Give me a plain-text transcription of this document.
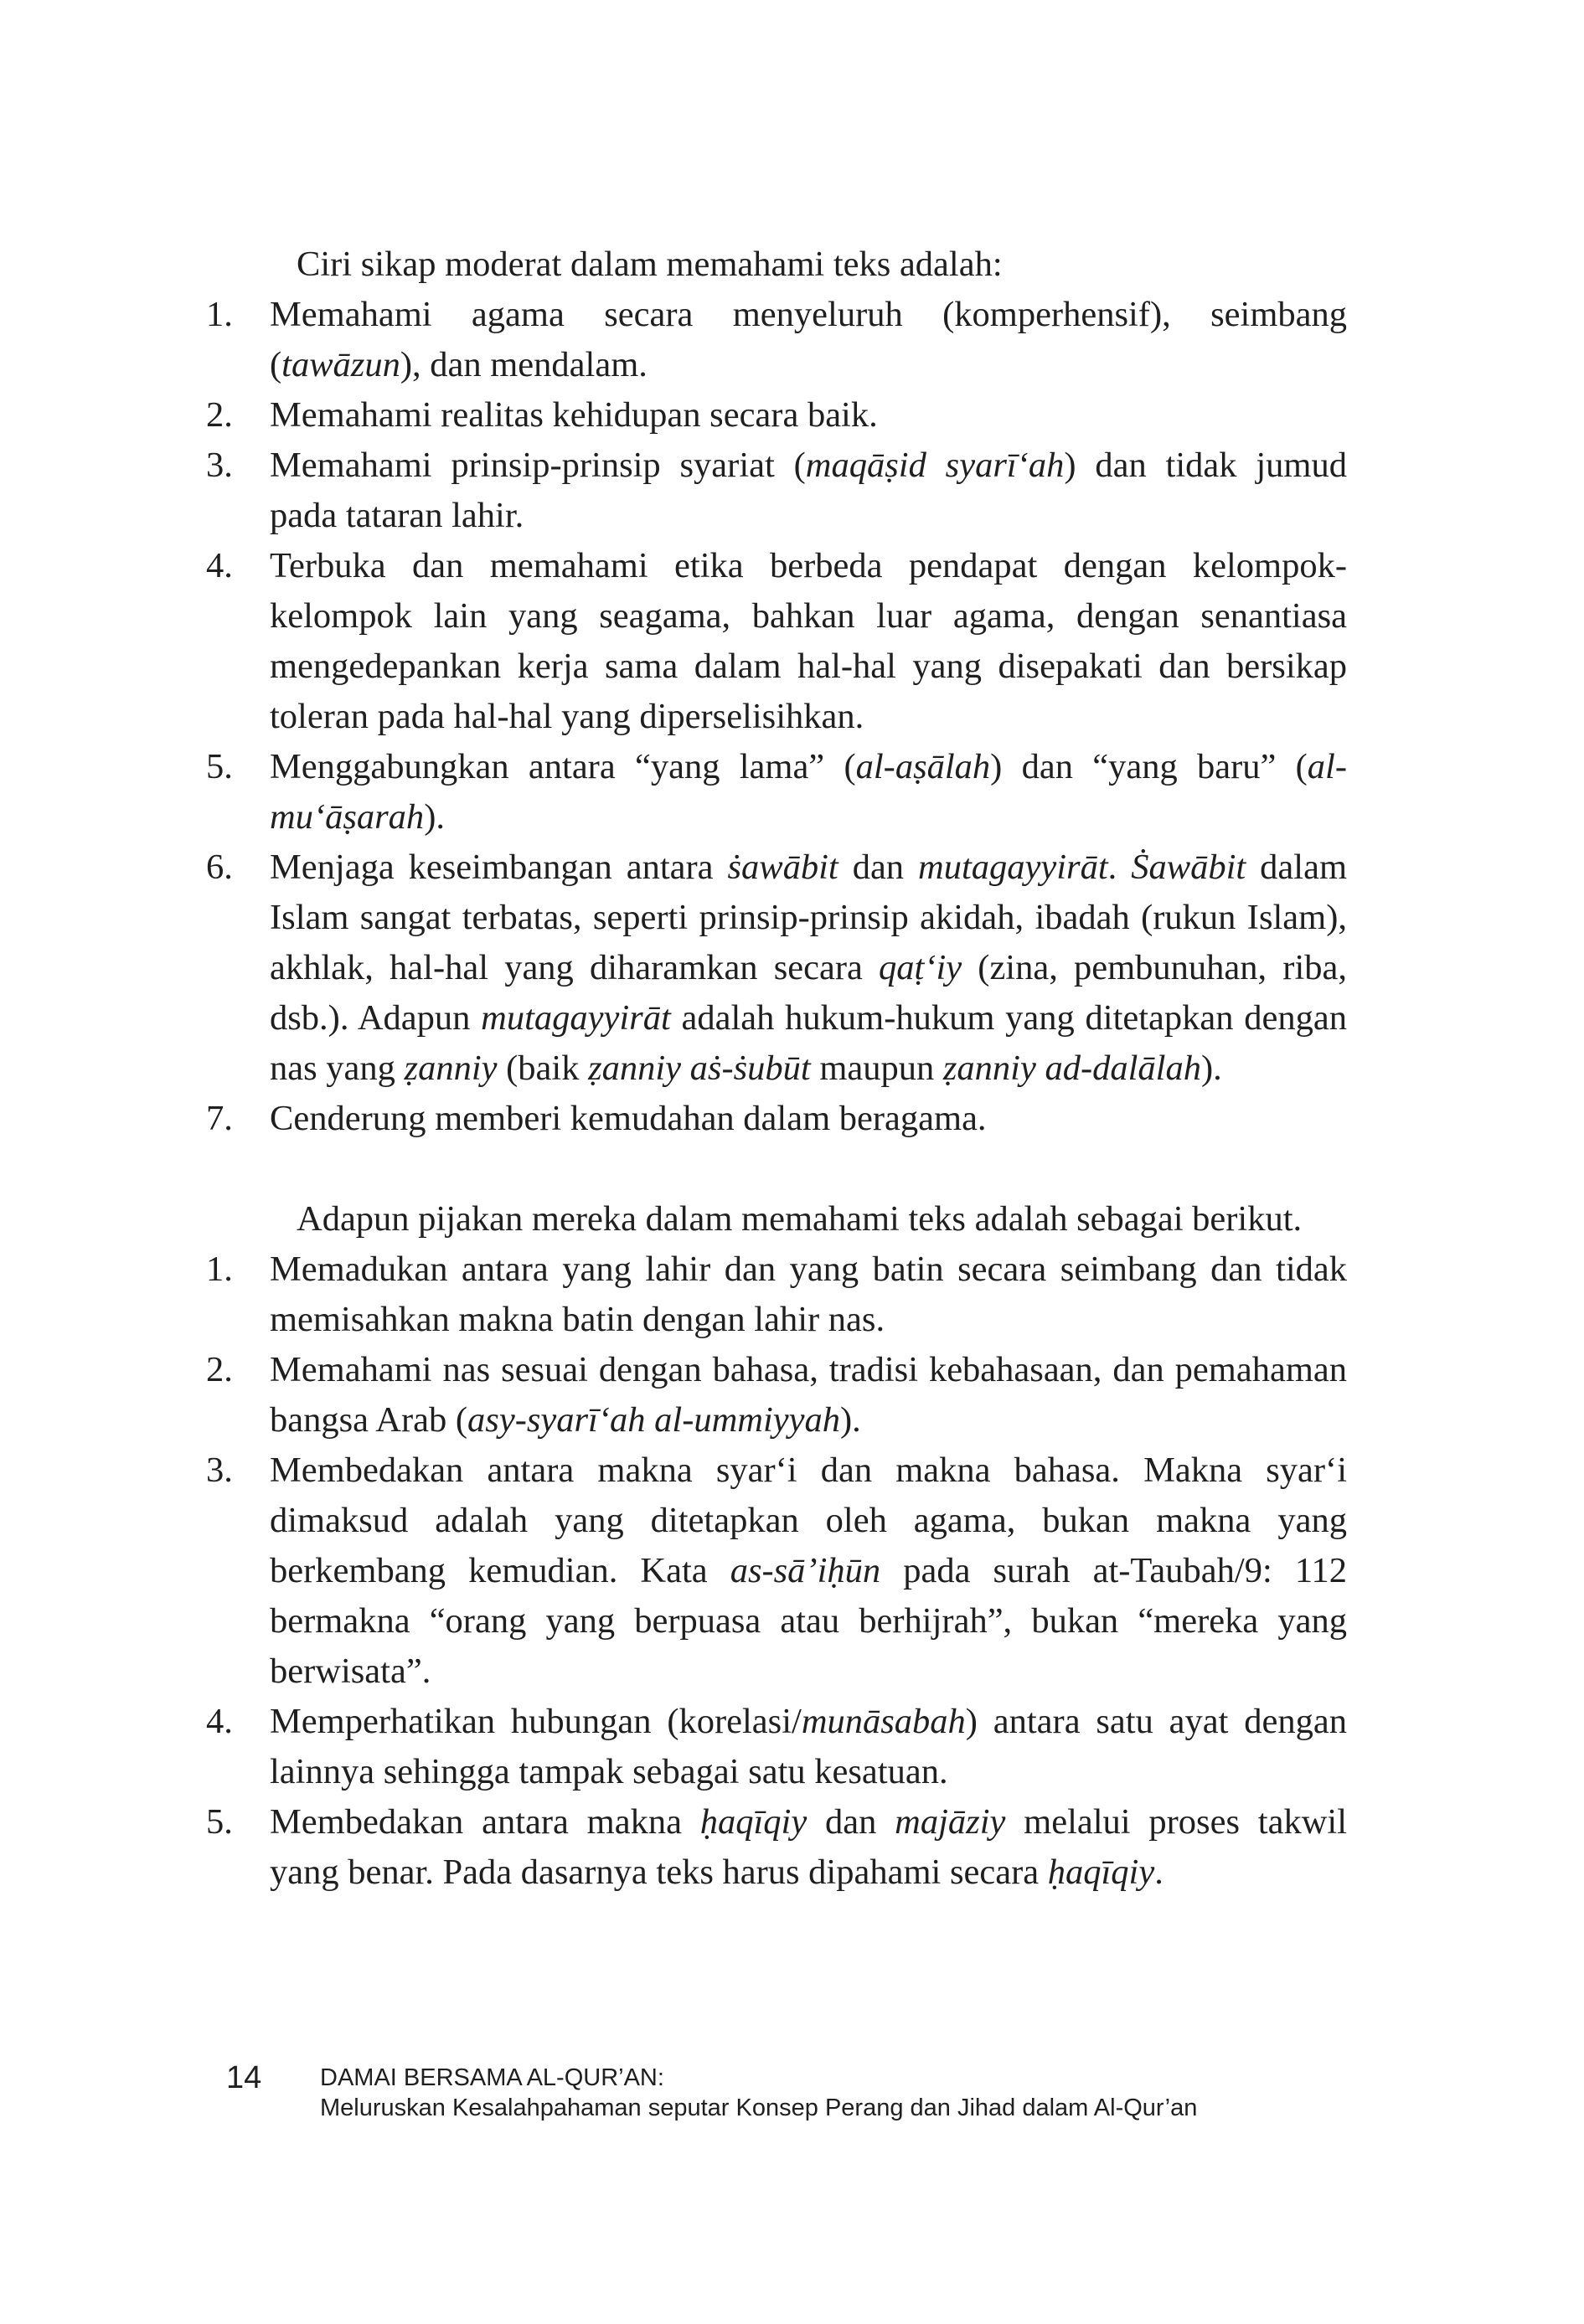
Ciri sikap moderat dalam memahami teks adalah:

1.	Memahami agama secara menyeluruh (komperhensif), seimbang (tawāzun), dan mendalam.
2.	Memahami realitas kehidupan secara baik.
3.	Memahami prinsip-prinsip syariat (maqāṣid syarī‘ah) dan tidak jumud pada tataran lahir.
4.	Terbuka dan memahami etika berbeda pendapat dengan kelompok-kelompok lain yang seagama, bahkan luar agama, dengan senantiasa mengedepankan kerja sama dalam hal-hal yang disepakati dan bersikap toleran pada hal-hal yang diperselisihkan.
5.	Menggabungkan antara “yang lama” (al-aṣālah) dan “yang baru” (al-mu‘āṣarah).
6.	Menjaga keseimbangan antara ṡawābit dan mutagayyirāt. Ṡawābit dalam Islam sangat terbatas, seperti prinsip-prinsip akidah, ibadah (rukun Islam), akhlak, hal-hal yang diharamkan secara qaṭ‘iy (zina, pembunuhan, riba, dsb.). Adapun mutagayyirāt adalah hukum-hukum yang ditetapkan dengan nas yang ẓanniy (baik ẓanniy aṡ-ṡubūt maupun ẓanniy ad-dalālah).
7.	Cenderung memberi kemudahan dalam beragama.

Adapun pijakan mereka dalam memahami teks adalah sebagai berikut.

1.	Memadukan antara yang lahir dan yang batin secara seimbang dan tidak memisahkan makna batin dengan lahir nas.
2.	Memahami nas sesuai dengan bahasa, tradisi kebahasaan, dan pemahaman bangsa Arab (asy-syarī‘ah al-ummiyyah).
3.	Membedakan antara makna syar‘i dan makna bahasa. Makna syar‘i dimaksud adalah yang ditetapkan oleh agama, bukan makna yang berkembang kemudian. Kata as-sā’iḥūn pada surah at-Taubah/9: 112 bermakna “orang yang berpuasa atau berhijrah”, bukan “mereka yang berwisata”.
4.	Memperhatikan hubungan (korelasi/munāsabah) antara satu ayat dengan lainnya sehingga tampak sebagai satu kesatuan.
5.	Membedakan antara makna ḥaqīqiy dan majāziy melalui proses takwil yang benar. Pada dasarnya teks harus dipahami secara ḥaqīqiy.
14 DAMAI BERSAMA AL-QUR’AN:
Meluruskan Kesalahpahaman seputar Konsep Perang dan Jihad dalam Al-Qur’an
